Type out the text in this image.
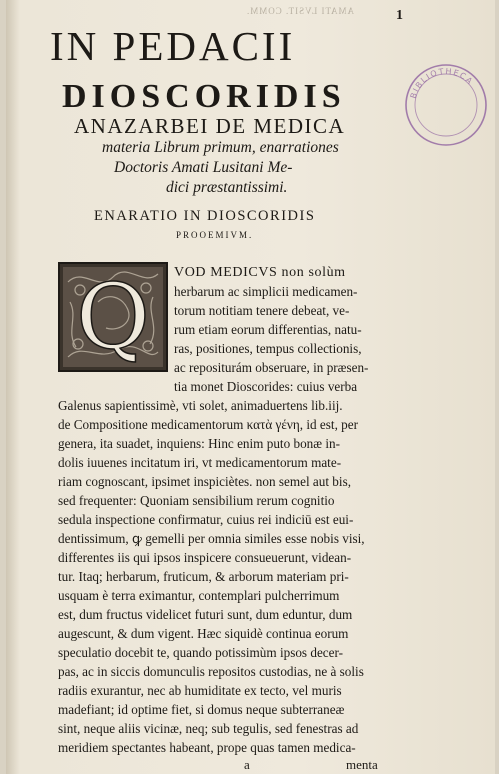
AMATI LVSIT. COMM.	1
IN PEDACII
DIOSCORIDIS
ANAZARBEI DE MEDICA
materia Librum primum, enarrationes
Doctoris Amati Lusitani Me-
dici præstantissimi.
BIBLIOTHECA
ENARATIO IN DIOSCORIDIS
PROOEMIVM.
Q VOD MEDICVS non solùm
herbarum ac simplicii medicamen-
torum notitiam tenere debeat, ve-
rum etiam eorum differentias, natu-
ras, positiones, tempus collectionis,
ac repositurám obseruare, in præsen-
tia monet Dioscorides: cuius verba
Galenus sapientissimè, vti solet, animaduertens lib.iij.
de Compositione medicamentorum κατὰ γένη, id est, per
genera, ita suadet, inquiens: Hinc enim puto bonæ in-
dolis iuuenes incitatum iri, vt medicamentorum mate-
riam cognoscant, ipsimet inspiciètes. non semel aut bis,
sed frequenter: Quoniam sensibilium rerum cognitio
sedula inspectione confirmatur, cuius rei indiciū est eui-
dentissimum, ꝙ gemelli per omnia similes esse nobis visi,
differentes iis qui ipsos inspicere consueuerunt, videan-
tur. Itaq; herbarum, fruticum, & arborum materiam pri-
usquam è terra eximantur, contemplari pulcherrimum
est, dum fructus videlicet futuri sunt, dum eduntur, dum
augescunt, & dum vigent. Hæc siquidè continua eorum
speculatio docebit te, quando potissimùm ipsos decer-
pas, ac in siccis domunculis repositos custodias, ne à solis
radiis exurantur, nec ab humiditate ex tecto, vel muris
madefiant; id optime fiet, si domus neque subterraneæ
sint, neque aliis vicinæ, neq; sub tegulis, sed fenestras ad
meridiem spectantes habeant, prope quas tamen medica-
a	menta
